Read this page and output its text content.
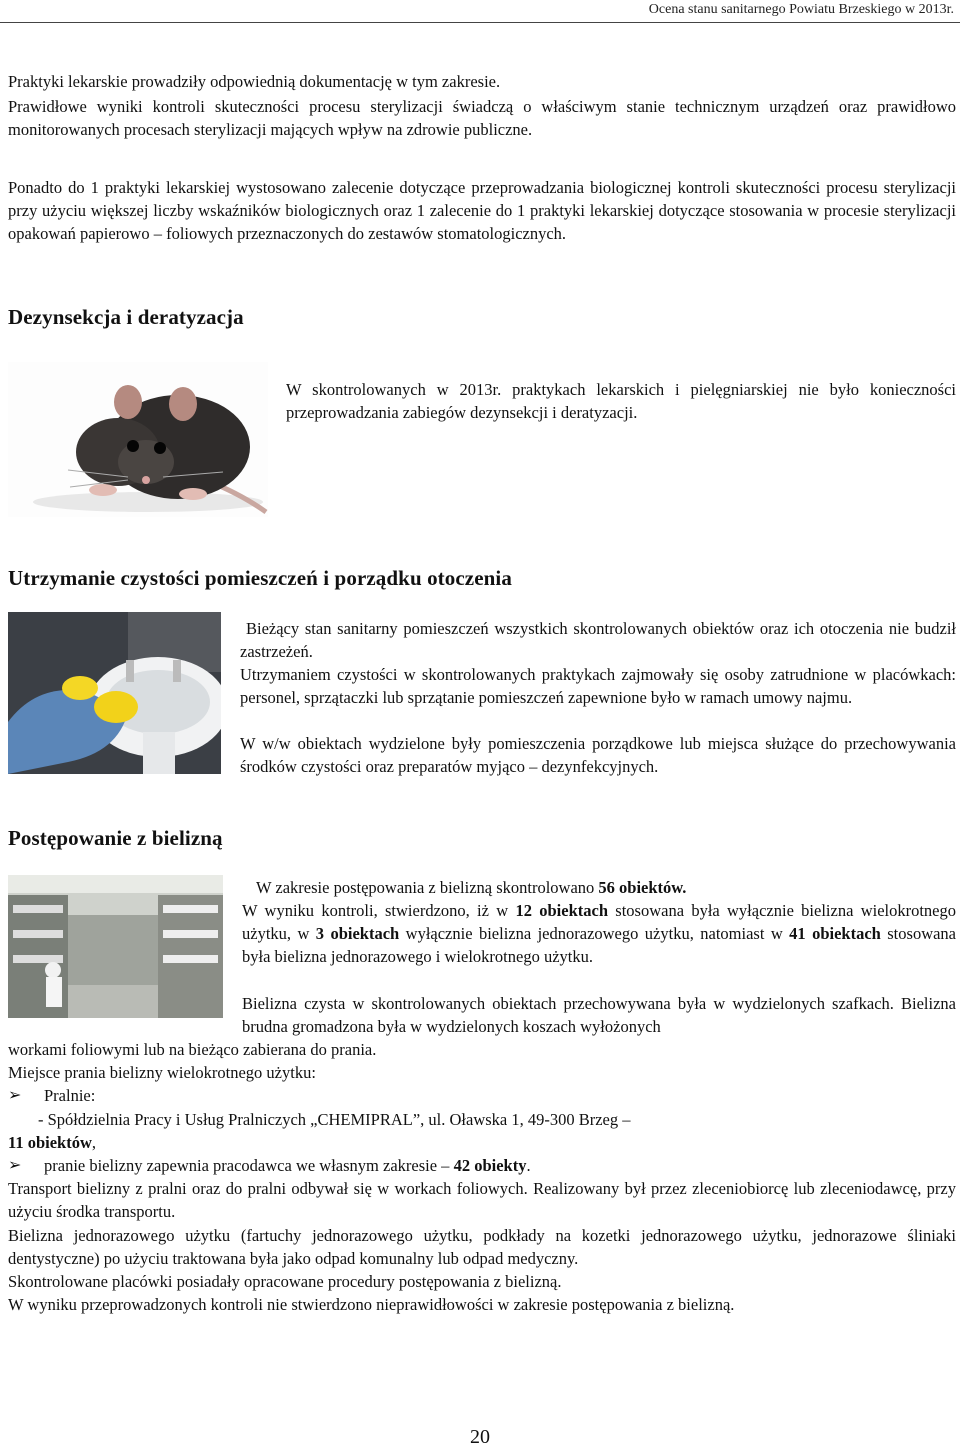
Ocena stanu sanitarnego Powiatu Brzeskiego w 2013r.

Praktyki lekarskie prowadziły odpowiednią dokumentację w tym zakresie.

Prawidłowe wyniki kontroli skuteczności procesu sterylizacji świadczą o właściwym stanie technicznym urządzeń oraz prawidłowo monitorowanych procesach sterylizacji mających wpływ na zdrowie publiczne.

Ponadto do 1 praktyki lekarskiej wystosowano zalecenie dotyczące przeprowadzania biologicznej kontroli skuteczności procesu sterylizacji przy użyciu większej liczby wskaźników biologicznych oraz 1 zalecenie do 1 praktyki lekarskiej dotyczące stosowania w procesie sterylizacji opakowań papierowo – foliowych przeznaczonych do zestawów stomatologicznych.

Dezynsekcja i deratyzacja

W skontrolowanych w 2013r. praktykach lekarskich i pielęgniarskiej nie było konieczności przeprowadzania zabiegów dezynsekcji i deratyzacji.

Utrzymanie czystości pomieszczeń i porządku otoczenia

Bieżący stan sanitarny pomieszczeń wszystkich skontrolowanych obiektów oraz ich otoczenia nie budził zastrzeżeń.

Utrzymaniem czystości w skontrolowanych praktykach zajmowały się osoby zatrudnione w placówkach: personel, sprzątaczki lub sprzątanie pomieszczeń zapewnione było w ramach umowy najmu.

W w/w obiektach wydzielone były pomieszczenia porządkowe lub miejsca służące do przechowywania środków czystości oraz preparatów myjąco – dezynfekcyjnych.

Postępowanie z bielizną

W zakresie postępowania z bielizną skontrolowano 56 obiektów.

W wyniku kontroli, stwierdzono, iż w 12 obiektach stosowana była wyłącznie bielizna wielokrotnego użytku, w 3 obiektach wyłącznie bielizna jednorazowego użytku, natomiast w 41 obiektach stosowana była bielizna jednorazowego i wielokrotnego użytku.

Bielizna czysta w skontrolowanych obiektach przechowywana była w wydzielonych szafkach. Bielizna brudna gromadzona była w wydzielonych koszach wyłożonych

workami foliowymi lub na bieżąco zabierana do prania.

Miejsce prania bielizny wielokrotnego użytku:

➢ Pralnie:

- Spółdzielnia Pracy i Usług Pralniczych „CHEMIPRAL”, ul. Oławska 1, 49-300 Brzeg –

11 obiektów,

➢ pranie bielizny zapewnia pracodawca we własnym zakresie – 42 obiekty.

Transport bielizny z pralni oraz do pralni odbywał się w workach foliowych. Realizowany był przez zleceniobiorcę lub zleceniodawcę, przy użyciu środka transportu.

Bielizna jednorazowego użytku (fartuchy jednorazowego użytku, podkłady na kozetki jednorazowego użytku, jednorazowe śliniaki dentystyczne) po użyciu traktowana była jako odpad komunalny lub odpad medyczny.

Skontrolowane placówki posiadały opracowane procedury postępowania z bielizną.

W wyniku przeprowadzonych kontroli nie stwierdzono nieprawidłowości w zakresie postępowania z bielizną.

20
